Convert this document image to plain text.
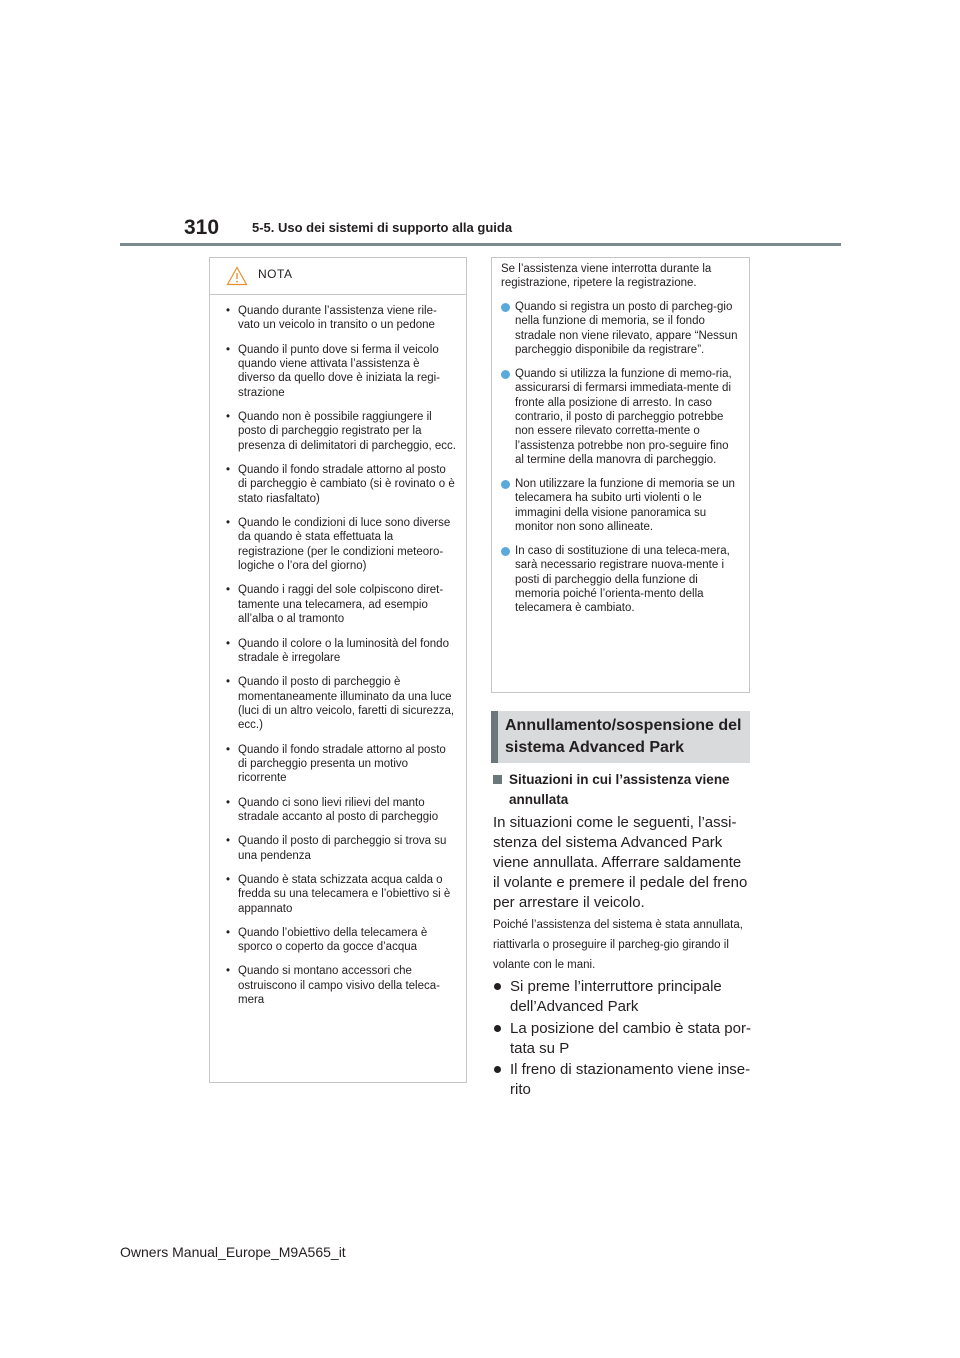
310	5-5. Uso dei sistemi di supporto alla guida
NOTA
• Quando durante l’assistenza viene rile-vato un veicolo in transito o un pedone
• Quando il punto dove si ferma il veicolo quando viene attivata l’assistenza è diverso da quello dove è iniziata la regi-strazione
• Quando non è possibile raggiungere il posto di parcheggio registrato per la presenza di delimitatori di parcheggio, ecc.
• Quando il fondo stradale attorno al posto di parcheggio è cambiato (si è rovinato o è stato riasfaltato)
• Quando le condizioni di luce sono diverse da quando è stata effettuata la registrazione (per le condizioni meteoro-logiche o l’ora del giorno)
• Quando i raggi del sole colpiscono diret-tamente una telecamera, ad esempio all’alba o al tramonto
• Quando il colore o la luminosità del fondo stradale è irregolare
• Quando il posto di parcheggio è momentaneamente illuminato da una luce (luci di un altro veicolo, faretti di sicurezza, ecc.)
• Quando il fondo stradale attorno al posto di parcheggio presenta un motivo ricorrente
• Quando ci sono lievi rilievi del manto stradale accanto al posto di parcheggio
• Quando il posto di parcheggio si trova su una pendenza
• Quando è stata schizzata acqua calda o fredda su una telecamera e l’obiettivo si è appannato
• Quando l’obiettivo della telecamera è sporco o coperto da gocce d’acqua
• Quando si montano accessori che ostruiscono il campo visivo della teleca-mera

Se l’assistenza viene interrotta durante la registrazione, ripetere la registrazione.

Quando si registra un posto di parcheg-gio nella funzione di memoria, se il fondo stradale non viene rilevato, appare “Nessun parcheggio disponibile da registrare”.
Quando si utilizza la funzione di memo-ria, assicurarsi di fermarsi immediata-mente di fronte alla posizione di arresto. In caso contrario, il posto di parcheggio potrebbe non essere rilevato corretta-mente o l’assistenza potrebbe non pro-seguire fino al termine della manovra di parcheggio.
Non utilizzare la funzione di memoria se un telecamera ha subito urti violenti o le immagini della visione panoramica su monitor non sono allineate.
In caso di sostituzione di una teleca-mera, sarà necessario registrare nuova-mente i posti di parcheggio della funzione di memoria poiché l’orienta-mento della telecamera è cambiato.
Annullamento/sospensione del sistema Advanced Park
Situazioni in cui l’assistenza viene annullata
In situazioni come le seguenti, l’assi-stenza del sistema Advanced Park viene annullata. Afferrare saldamente il volante e premere il pedale del freno per arrestare il veicolo.
Poiché l’assistenza del sistema è stata annullata, riattivarla o proseguire il parcheg-gio girando il volante con le mani.
Si preme l’interruttore principale dell’Advanced Park
La posizione del cambio è stata por-tata su P
Il freno di stazionamento viene inse-rito
Owners Manual_Europe_M9A565_it
